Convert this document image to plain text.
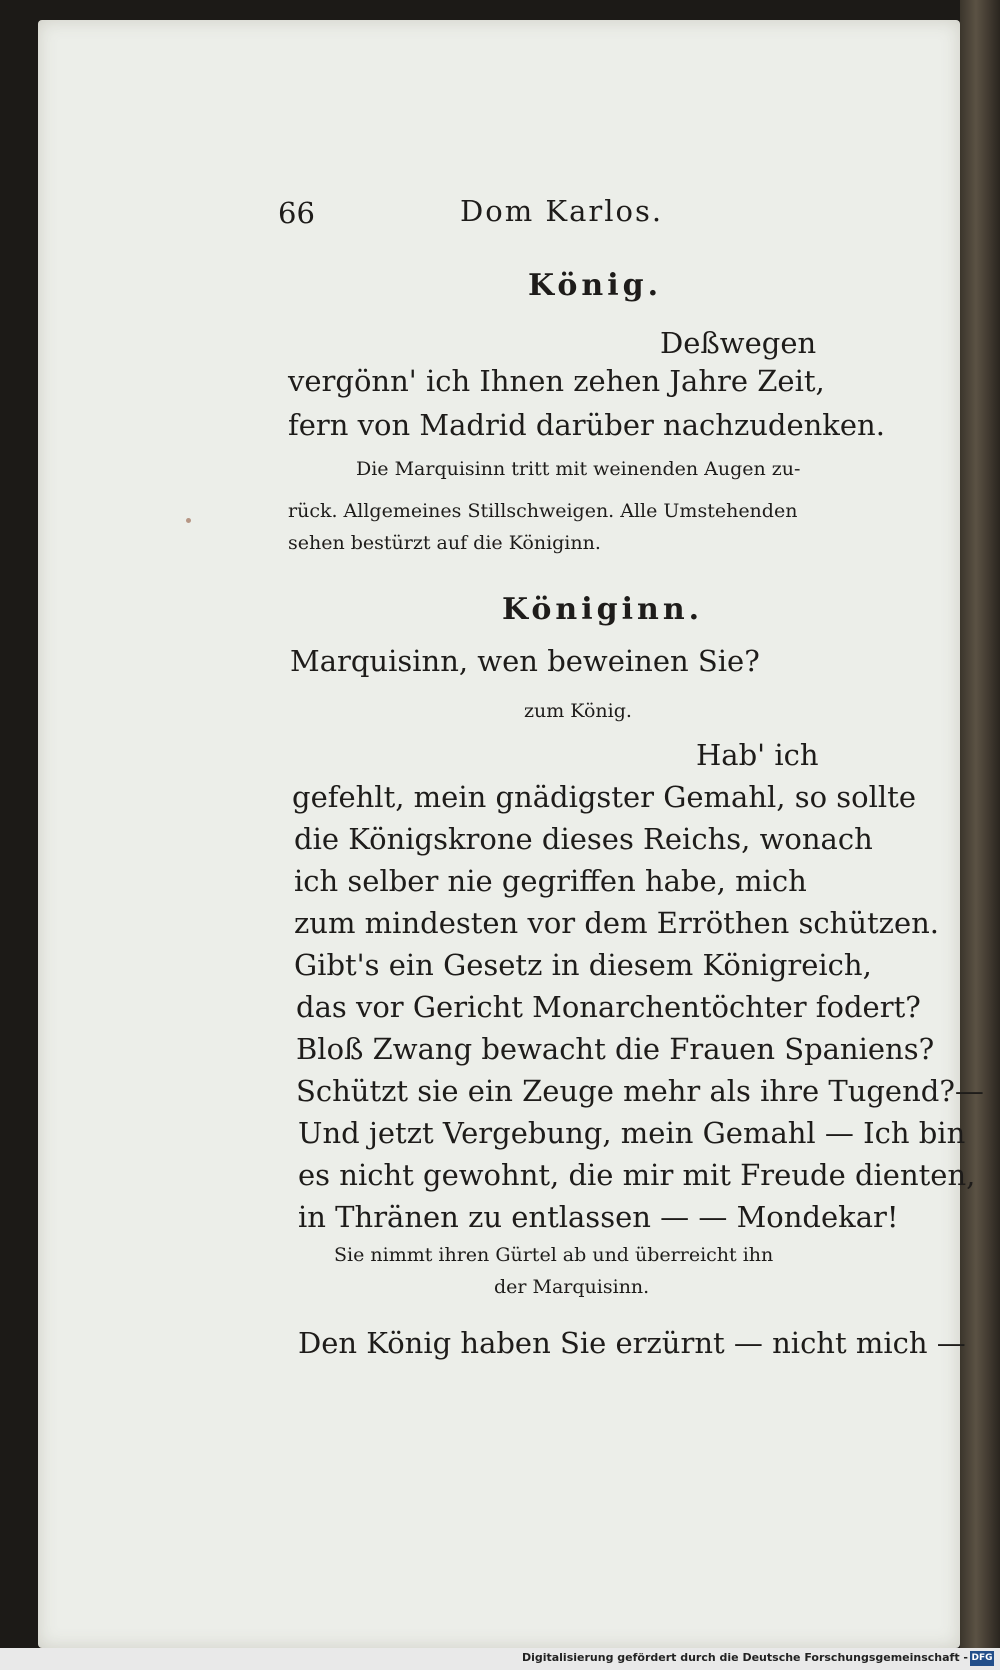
66	Dom Karlos.
König.
Deßwegen
vergönn' ich Ihnen zehen Jahre Zeit,
fern von Madrid darüber nachzudenken.
Die Marquisinn tritt mit weinenden Augen zu-
rück. Allgemeines Stillschweigen. Alle Umstehenden
sehen bestürzt auf die Königinn.
Königinn.
Marquisinn, wen beweinen Sie?
zum König.
Hab' ich
gefehlt, mein gnädigster Gemahl, so sollte
die Königskrone dieses Reichs, wonach
ich selber nie gegriffen habe, mich
zum mindesten vor dem Erröthen schützen.
Gibt's ein Gesetz in diesem Königreich,
das vor Gericht Monarchentöchter fodert?
Bloß Zwang bewacht die Frauen Spaniens?
Schützt sie ein Zeuge mehr als ihre Tugend?—
Und jetzt Vergebung, mein Gemahl — Ich bin
es nicht gewohnt, die mir mit Freude dienten,
in Thränen zu entlassen — — Mondekar!
Sie nimmt ihren Gürtel ab und überreicht ihn
der Marquisinn.
Den König haben Sie erzürnt — nicht mich —
Digitalisierung gefördert durch die Deutsche Forschungsgemeinschaft - DFG
